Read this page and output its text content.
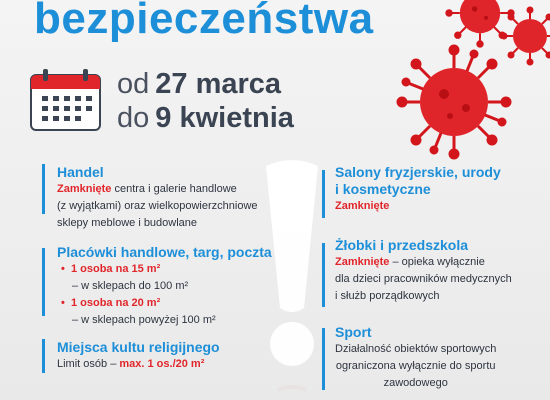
bezpieczeństwa
od 27 marca
do 9 kwietnia
Handel
Zamknięte centra i galerie handlowe
(z wyjątkami) oraz wielkopowierzchniowe
sklepy meblowe i budowlane
Placówki handlowe, targ, poczta
• 1 osoba na 15 m²
– w sklepach do 100 m²
• 1 osoba na 20 m²
– w sklepach powyżej 100 m²
Miejsca kultu religijnego
Limit osób – max. 1 os./20 m²
Salony fryzjerskie, urody
i kosmetyczne
Zamknięte
Żłobki i przedszkola
Zamknięte – opieka wyłącznie
dla dzieci pracowników medycznych
i służb porządkowych
Sport
Działalność obiektów sportowych
ograniczona wyłącznie do sportu
zawodowego
